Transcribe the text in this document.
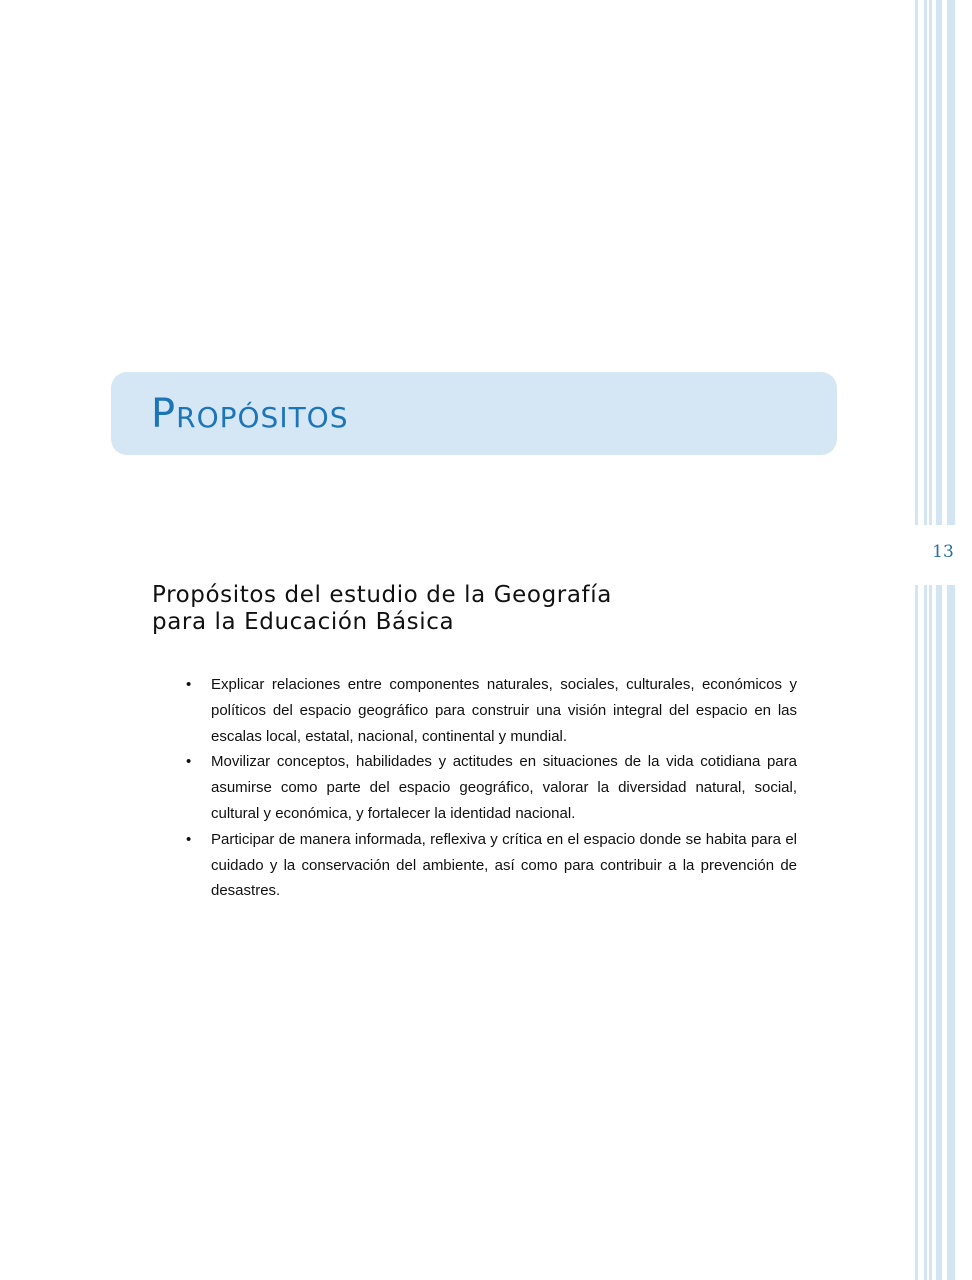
13
Propósitos
Propósitos del estudio de la Geografía
para la Educación Básica
• Explicar relaciones entre componentes naturales, sociales, culturales, económicos y políticos del espacio geográfico para construir una visión integral del espacio en las escalas local, estatal, nacional, continental y mundial.
• Movilizar conceptos, habilidades y actitudes en situaciones de la vida cotidiana para asumirse como parte del espacio geográfico, valorar la diversidad natural, social, cultural y económica, y fortalecer la identidad nacional.
• Participar de manera informada, reflexiva y crítica en el espacio donde se habita para el cuidado y la conservación del ambiente, así como para contribuir a la prevención de desastres.
